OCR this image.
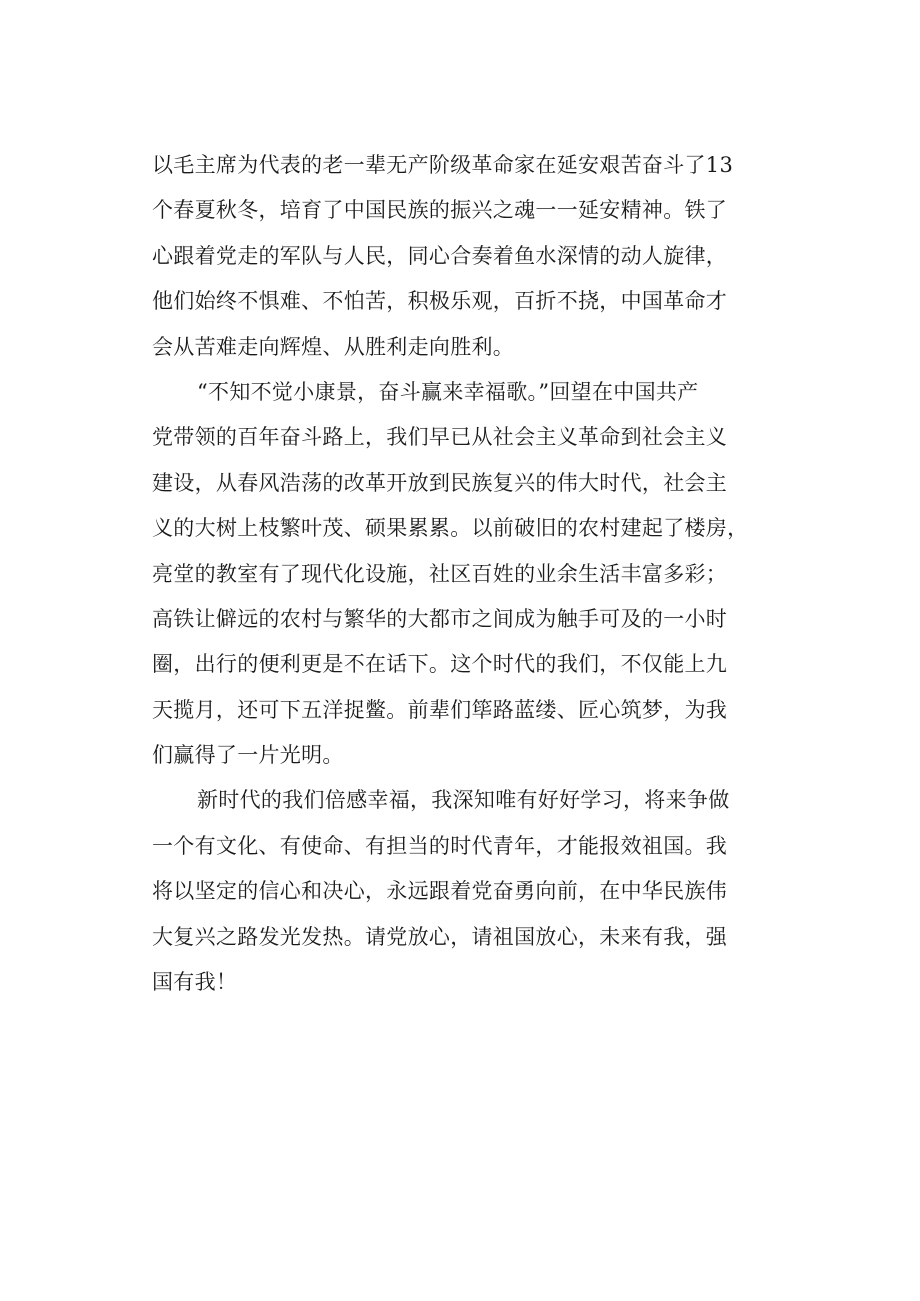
以毛主席为代表的老一辈无产阶级革命家在延安艰苦奋斗了13
个春夏秋冬，培育了中国民族的振兴之魂一一延安精神。铁了
心跟着党走的军队与人民，同心合奏着鱼水深情的动人旋律，
他们始终不惧难、不怕苦，积极乐观，百折不挠，中国革命才
会从苦难走向辉煌、从胜利走向胜利。
“不知不觉小康景，奋斗赢来幸福歌。”回望在中国共产
党带领的百年奋斗路上，我们早已从社会主义革命到社会主义
建设，从春风浩荡的改革开放到民族复兴的伟大时代，社会主
义的大树上枝繁叶茂、硕果累累。以前破旧的农村建起了楼房，
亮堂的教室有了现代化设施，社区百姓的业余生活丰富多彩；
高铁让僻远的农村与繁华的大都市之间成为触手可及的一小时
圈，出行的便利更是不在话下。这个时代的我们，不仅能上九
天揽月，还可下五洋捉鳖。前辈们筚路蓝缕、匠心筑梦，为我
们赢得了一片光明。
新时代的我们倍感幸福，我深知唯有好好学习，将来争做
一个有文化、有使命、有担当的时代青年，才能报效祖国。我
将以坚定的信心和决心，永远跟着党奋勇向前，在中华民族伟
大复兴之路发光发热。请党放心，请祖国放心，未来有我，强
国有我！
